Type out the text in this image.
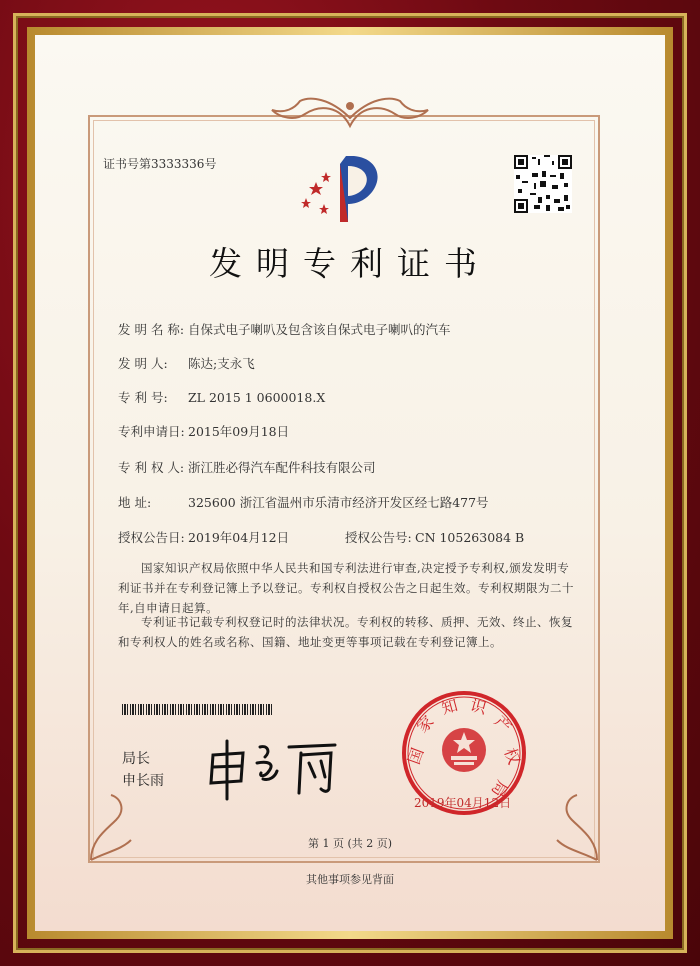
证书号第3333336号
发明专利证书
发 明 名 称: 自保式电子喇叭及包含该自保式电子喇叭的汽车
发 明 人: 陈达;支永飞
专 利 号: ZL 2015 1 0600018.X
专利申请日: 2015年09月18日
专 利 权 人: 浙江胜必得汽车配件科技有限公司
地 址:	325600 浙江省温州市乐清市经济开发区经七路477号
授权公告日: 2019年04月12日	授权公告号: CN 105263084 B
国家知识产权局依照中华人民共和国专利法进行审查,决定授予专利权,颁发发明专利证书并在专利登记簿上予以登记。专利权自授权公告之日起生效。专利权期限为二十年,自申请日起算。
专利证书记载专利权登记时的法律状况。专利权的转移、质押、无效、终止、恢复和专利权人的姓名或名称、国籍、地址变更等事项记载在专利登记簿上。
局长
申长雨
国
家
知 识
产
权
局
2019年04月12日
第 1 页 (共 2 页)
其他事项参见背面
